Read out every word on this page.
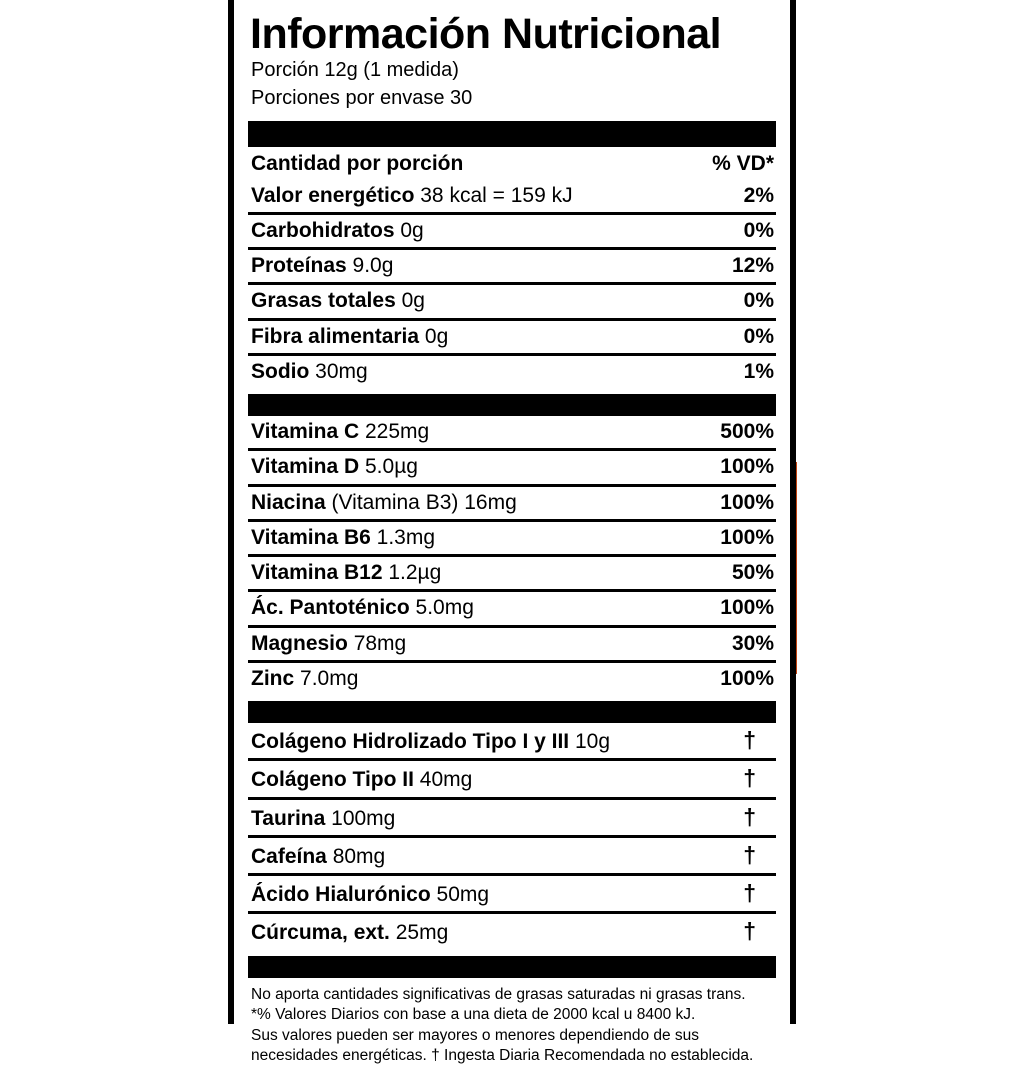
Información Nutricional
Porción 12g (1 medida)
Porciones por envase 30
Cantidad por porción	% VD*
Valor energético 38 kcal = 159 kJ	2%
Carbohidratos 0g	0%
Proteínas 9.0g	12%
Grasas totales 0g	0%
Fibra alimentaria 0g	0%
Sodio 30mg	1%
Vitamina C 225mg	500%
Vitamina D 5.0µg	100%
Niacina (Vitamina B3) 16mg	100%
Vitamina B6 1.3mg	100%
Vitamina B12 1.2µg	50%
Ác. Pantoténico 5.0mg	100%
Magnesio 78mg	30%
Zinc 7.0mg	100%
Colágeno Hidrolizado Tipo I y III 10g	†
Colágeno Tipo II 40mg	†
Taurina 100mg	†
Cafeína 80mg	†
Ácido Hialurónico 50mg	†
Cúrcuma, ext. 25mg	†
No aporta cantidades significativas de grasas saturadas ni grasas trans.
*% Valores Diarios con base a una dieta de 2000 kcal u 8400 kJ.
Sus valores pueden ser mayores o menores dependiendo de sus
necesidades energéticas. † Ingesta Diaria Recomendada no establecida.
